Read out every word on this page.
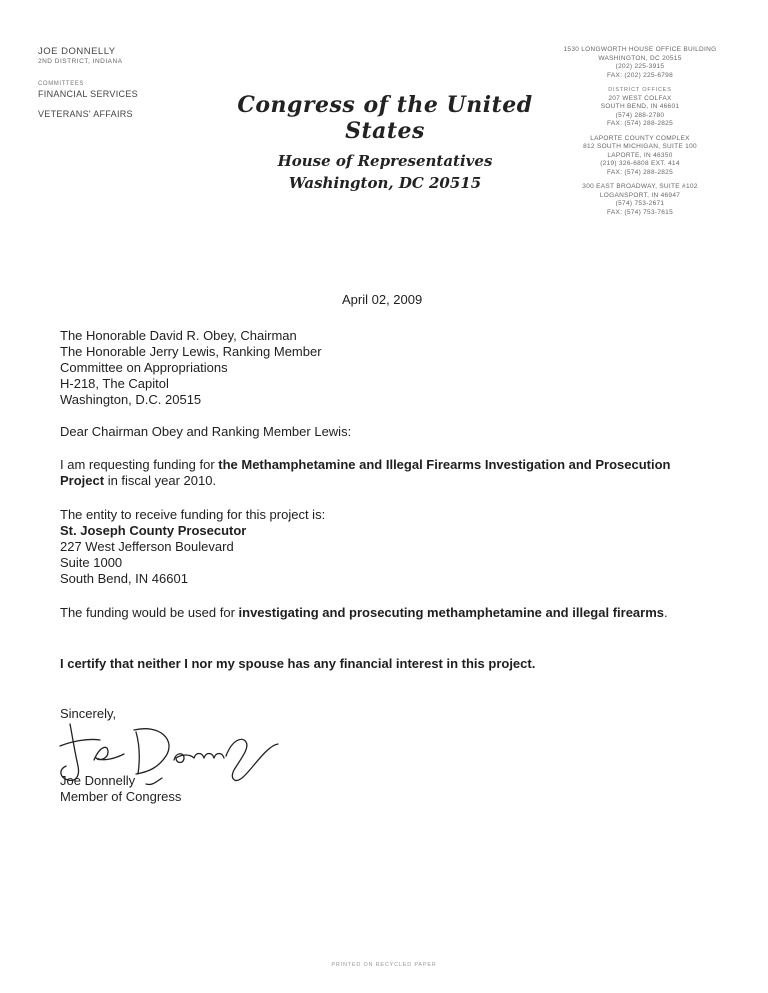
JOE DONNELLY
2ND DISTRICT, INDIANA
COMMITTEES
FINANCIAL SERVICES
VETERANS' AFFAIRS	Congress of the United States
House of Representatives
Washington, DC 20515
1530 LONGWORTH HOUSE OFFICE BUILDING
WASHINGTON, DC 20515
(202) 225-3915
FAX: (202) 225-6798
DISTRICT OFFICES
207 WEST COLFAX
SOUTH BEND, IN 46601
(574) 288-2780
FAX: (574) 288-2825
LAPORTE COUNTY COMPLEX
812 SOUTH MICHIGAN, SUITE 100
LAPORTE, IN 46350
(219) 326-6808 EXT. 414
FAX: (574) 288-2825
300 EAST BROADWAY, SUITE #102
LOGANSPORT, IN 46947
(574) 753-2671
FAX: (574) 753-7615
April 02, 2009
The Honorable David R. Obey, Chairman
The Honorable Jerry Lewis, Ranking Member
Committee on Appropriations
H-218, The Capitol
Washington, D.C. 20515
Dear Chairman Obey and Ranking Member Lewis:
I am requesting funding for the Methamphetamine and Illegal Firearms Investigation and Prosecution Project in fiscal year 2010.
The entity to receive funding for this project is:
St. Joseph County Prosecutor
227 West Jefferson Boulevard
Suite 1000
South Bend, IN 46601
The funding would be used for investigating and prosecuting methamphetamine and illegal firearms.
I certify that neither I nor my spouse has any financial interest in this project.
Sincerely,
Joe Donnelly
Member of Congress
PRINTED ON RECYCLED PAPER
